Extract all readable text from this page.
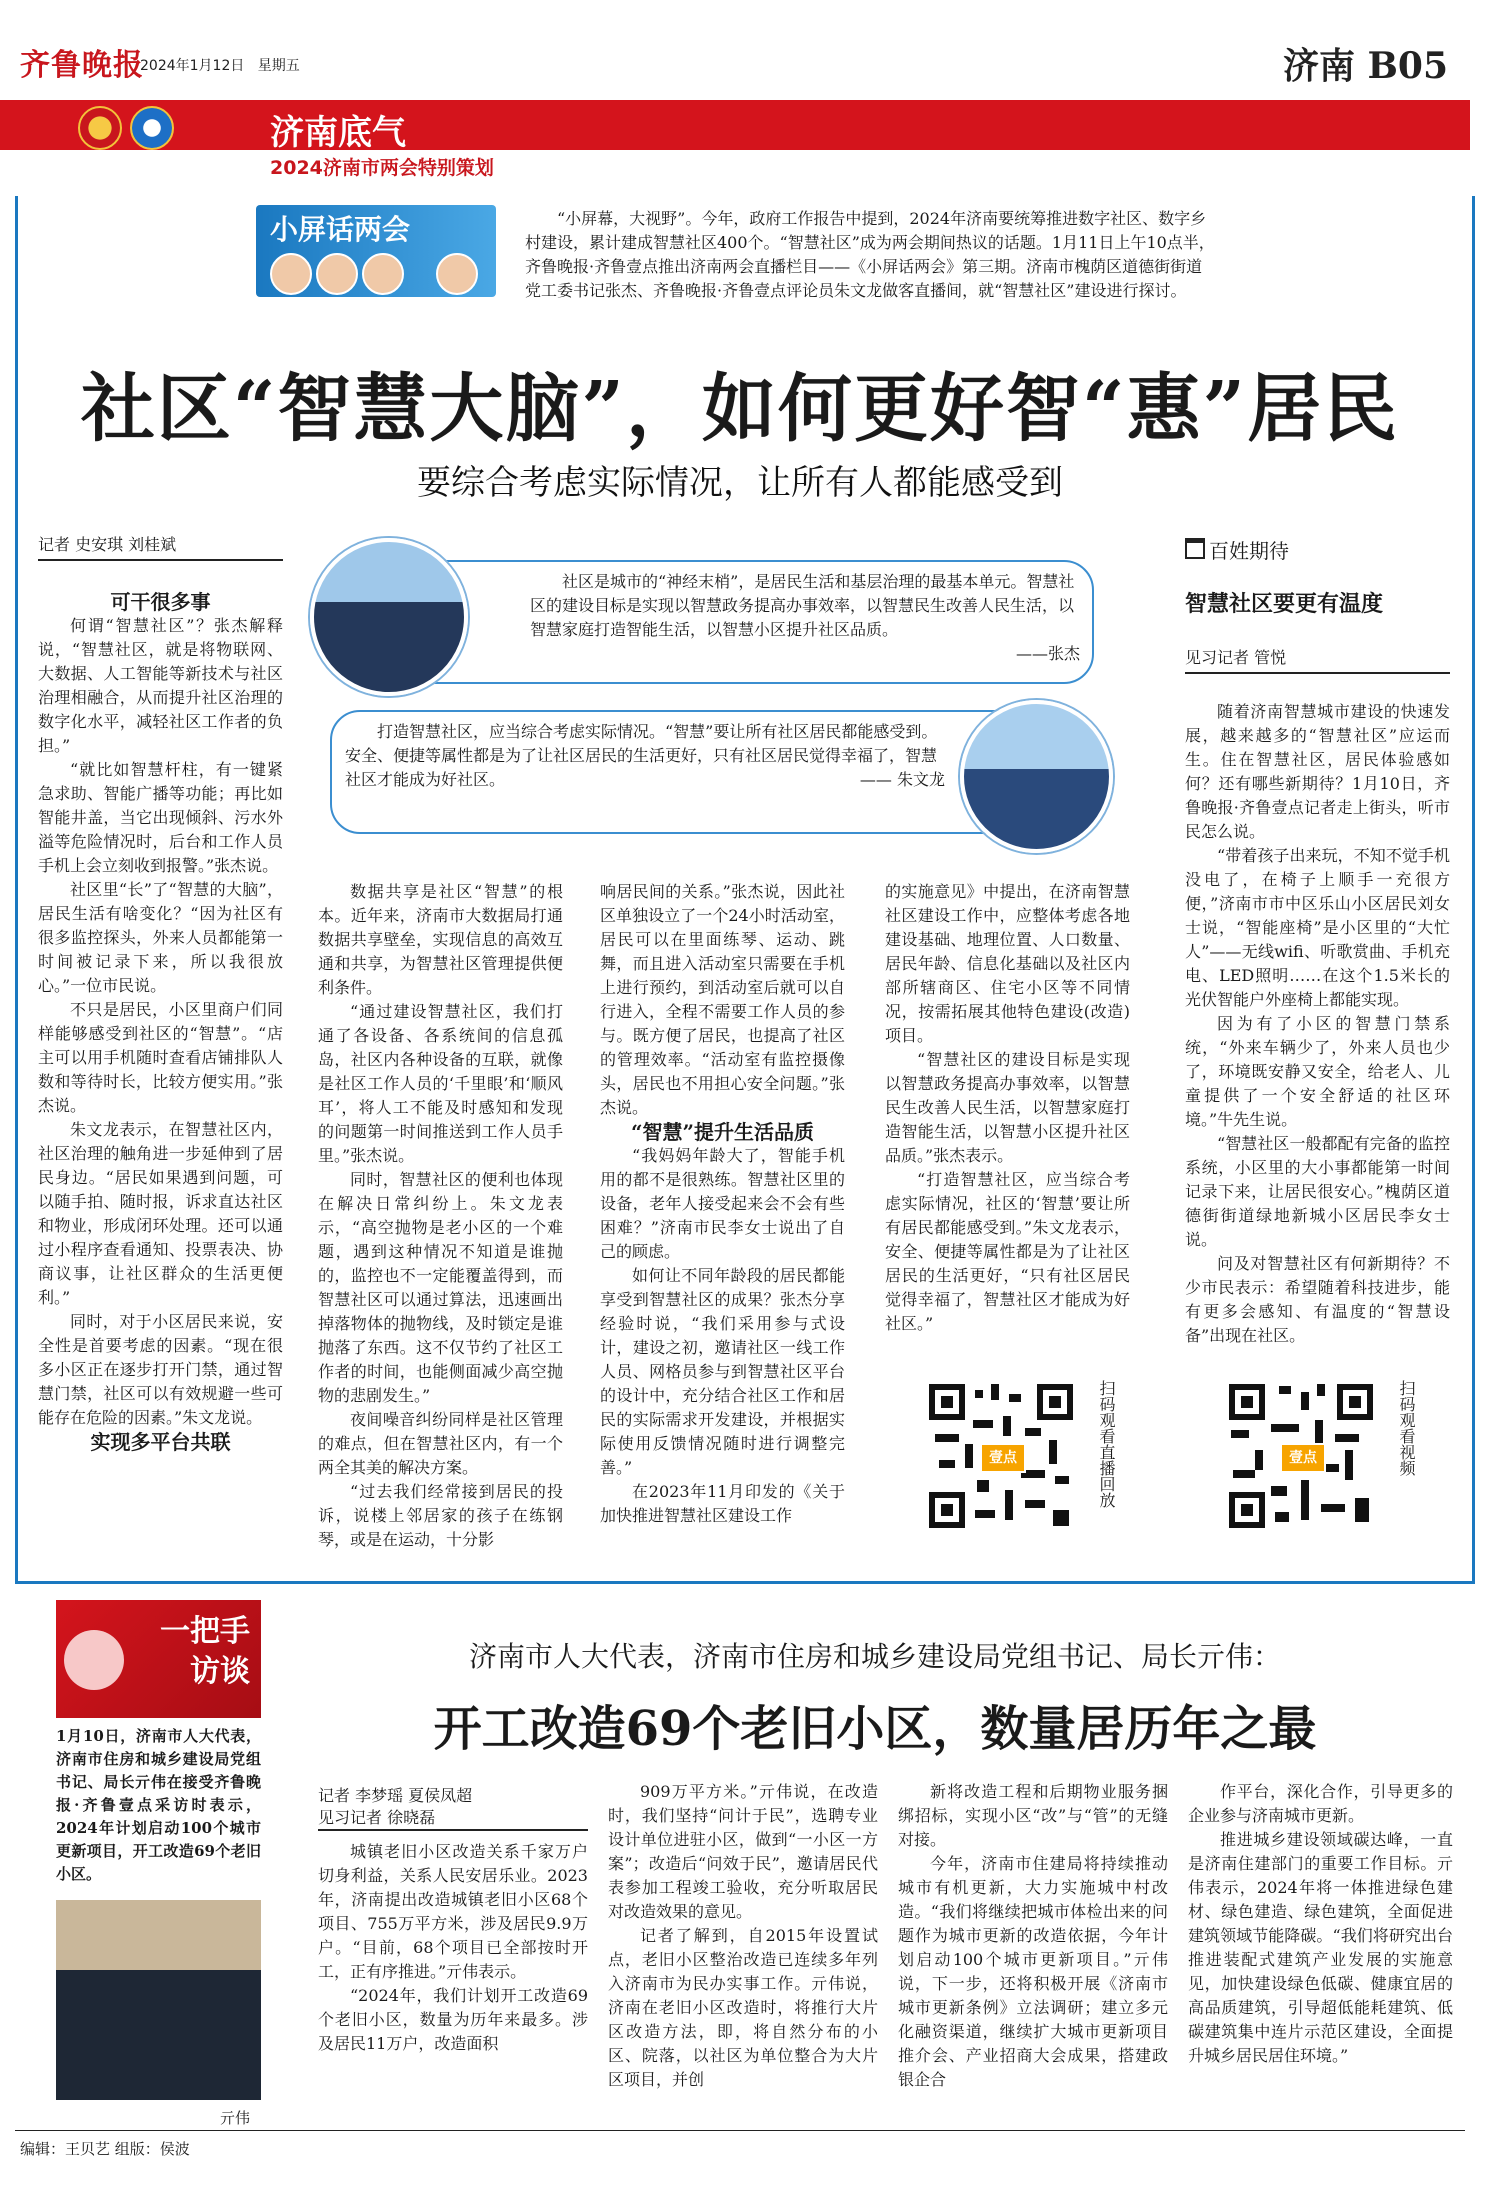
齐鲁晚报
2024年1月12日 星期五	济南 B05
济南底气
2024济南市两会特别策划
小屏话两会	“小屏幕，大视野”。今年，政府工作报告中提到，2024年济南要统筹推进数字社区、数字乡村建设，累计建成智慧社区400个。“智慧社区”成为两会期间热议的话题。1月11日上午10点半，齐鲁晚报·齐鲁壹点推出济南两会直播栏目——《小屏话两会》第三期。济南市槐荫区道德街街道党工委书记张杰、齐鲁晚报·齐鲁壹点评论员朱文龙做客直播间，就“智慧社区”建设进行探讨。
社区“智慧大脑”，如何更好智“惠”居民
要综合考虑实际情况，让所有人都能感受到
记者 史安琪 刘桂斌
社区是城市的“神经末梢”，是居民生活和基层治理的最基本单元。智慧社区的建设目标是实现以智慧政务提高办事效率，以智慧民生改善人民生活，以智慧家庭打造智能生活，以智慧小区提升社区品质。
——张杰
打造智慧社区，应当综合考虑实际情况。“智慧”要让所有社区居民都能感受到。安全、便捷等属性都是为了让社区居民的生活更好，只有社区居民觉得幸福了，智慧社区才能成为好社区。	—— 朱文龙

可干很多事

何谓“智慧社区”？张杰解释说，“智慧社区，就是将物联网、大数据、人工智能等新技术与社区治理相融合，从而提升社区治理的数字化水平，减轻社区工作者的负担。”

“就比如智慧杆柱，有一键紧急求助、智能广播等功能；再比如智能井盖，当它出现倾斜、污水外溢等危险情况时，后台和工作人员手机上会立刻收到报警。”张杰说。

社区里“长”了“智慧的大脑”，居民生活有啥变化？“因为社区有很多监控探头，外来人员都能第一时间被记录下来，所以我很放心。”一位市民说。

不只是居民，小区里商户们同样能够感受到社区的“智慧”。“店主可以用手机随时查看店铺排队人数和等待时长，比较方便实用。”张杰说。

朱文龙表示，在智慧社区内，社区治理的触角进一步延伸到了居民身边。“居民如果遇到问题，可以随手拍、随时报，诉求直达社区和物业，形成闭环处理。还可以通过小程序查看通知、投票表决、协商议事，让社区群众的生活更便利。”

同时，对于小区居民来说，安全性是首要考虑的因素。“现在很多小区正在逐步打开门禁，通过智慧门禁，社区可以有效规避一些可能存在危险的因素。”朱文龙说。

实现多平台共联

数据共享是社区“智慧”的根本。近年来，济南市大数据局打通数据共享壁垒，实现信息的高效互通和共享，为智慧社区管理提供便利条件。

“通过建设智慧社区，我们打通了各设备、各系统间的信息孤岛，社区内各种设备的互联，就像是社区工作人员的‘千里眼’和‘顺风耳’，将人工不能及时感知和发现的问题第一时间推送到工作人员手里。”张杰说。

同时，智慧社区的便利也体现在解决日常纠纷上。朱文龙表示，“高空抛物是老小区的一个难题，遇到这种情况不知道是谁抛的，监控也不一定能覆盖得到，而智慧社区可以通过算法，迅速画出掉落物体的抛物线，及时锁定是谁抛落了东西。这不仅节约了社区工作者的时间，也能侧面减少高空抛物的悲剧发生。”

夜间噪音纠纷同样是社区管理的难点，但在智慧社区内，有一个两全其美的解决方案。

“过去我们经常接到居民的投诉，说楼上邻居家的孩子在练钢琴，或是在运动，十分影

响居民间的关系。”张杰说，因此社区单独设立了一个24小时活动室，居民可以在里面练琴、运动、跳舞，而且进入活动室只需要在手机上进行预约，到活动室后就可以自行进入，全程不需要工作人员的参与。既方便了居民，也提高了社区的管理效率。“活动室有监控摄像头，居民也不用担心安全问题。”张杰说。

“智慧”提升生活品质

“我妈妈年龄大了，智能手机用的都不是很熟练。智慧社区里的设备，老年人接受起来会不会有些困难？”济南市民李女士说出了自己的顾虑。

如何让不同年龄段的居民都能享受到智慧社区的成果？张杰分享经验时说，“我们采用参与式设计，建设之初，邀请社区一线工作人员、网格员参与到智慧社区平台的设计中，充分结合社区工作和居民的实际需求开发建设，并根据实际使用反馈情况随时进行调整完善。”

在2023年11月印发的《关于加快推进智慧社区建设工作

的实施意见》中提出，在济南智慧社区建设工作中，应整体考虑各地建设基础、地理位置、人口数量、居民年龄、信息化基础以及社区内部所辖商区、住宅小区等不同情况，按需拓展其他特色建设(改造)项目。

“智慧社区的建设目标是实现以智慧政务提高办事效率，以智慧民生改善人民生活，以智慧家庭打造智能生活，以智慧小区提升社区品质。”张杰表示。

“打造智慧社区，应当综合考虑实际情况，社区的‘智慧’要让所有居民都能感受到。”朱文龙表示，安全、便捷等属性都是为了让社区居民的生活更好，“只有社区居民觉得幸福了，智慧社区才能成为好社区。”

壹点	扫码观看直播回放	壹点	扫码观看视频
百姓期待
智慧社区要更有温度
见习记者 管悦

随着济南智慧城市建设的快速发展，越来越多的“智慧社区”应运而生。住在智慧社区，居民体验感如何？还有哪些新期待？1月10日，齐鲁晚报·齐鲁壹点记者走上街头，听市民怎么说。

“带着孩子出来玩，不知不觉手机没电了，在椅子上顺手一充很方便，”济南市市中区乐山小区居民刘女士说，“智能座椅”是小区里的“大忙人”——无线wifi、听歌赏曲、手机充电、LED照明……在这个1.5米长的光伏智能户外座椅上都能实现。

因为有了小区的智慧门禁系统，“外来车辆少了，外来人员也少了，环境既安静又安全，给老人、儿童提供了一个安全舒适的社区环境。”牛先生说。

“智慧社区一般都配有完备的监控系统，小区里的大小事都能第一时间记录下来，让居民很安心。”槐荫区道德街街道绿地新城小区居民李女士说。

问及对智慧社区有何新期待？不少市民表示：希望随着科技进步，能有更多会感知、有温度的“智慧设备”出现在社区。

一把手访谈
1月10日，济南市人大代表，济南市住房和城乡建设局党组书记、局长亓伟在接受齐鲁晚报·齐鲁壹点采访时表示，2024年计划启动100个城市更新项目，开工改造69个老旧小区。
亓伟
济南市人大代表，济南市住房和城乡建设局党组书记、局长亓伟：
开工改造69个老旧小区，数量居历年之最
记者 李梦瑶 夏侯凤超
见习记者 徐晓磊

城镇老旧小区改造关系千家万户切身利益，关系人民安居乐业。2023年，济南提出改造城镇老旧小区68个项目、755万平方米，涉及居民9.9万户。“目前，68个项目已全部按时开工，正有序推进。”亓伟表示。

“2024年，我们计划开工改造69个老旧小区，数量为历年来最多。涉及居民11万户，改造面积

909万平方米。”亓伟说，在改造时，我们坚持“问计于民”，选聘专业设计单位进驻小区，做到“一小区一方案”；改造后“问效于民”，邀请居民代表参加工程竣工验收，充分听取居民对改造效果的意见。

记者了解到，自2015年设置试点，老旧小区整治改造已连续多年列入济南市为民办实事工作。亓伟说，济南在老旧小区改造时，将推行大片区改造方法，即，将自然分布的小区、院落，以社区为单位整合为大片区项目，并创

新将改造工程和后期物业服务捆绑招标，实现小区“改”与“管”的无缝对接。

今年，济南市住建局将持续推动城市有机更新，大力实施城中村改造。“我们将继续把城市体检出来的问题作为城市更新的改造依据，今年计划启动100个城市更新项目。”亓伟说，下一步，还将积极开展《济南市城市更新条例》立法调研；建立多元化融资渠道，继续扩大城市更新项目推介会、产业招商大会成果，搭建政银企合

作平台，深化合作，引导更多的企业参与济南城市更新。

推进城乡建设领域碳达峰，一直是济南住建部门的重要工作目标。亓伟表示，2024年将一体推进绿色建材、绿色建造、绿色建筑，全面促进建筑领域节能降碳。“我们将研究出台推进装配式建筑产业发展的实施意见，加快建设绿色低碳、健康宜居的高品质建筑，引导超低能耗建筑、低碳建筑集中连片示范区建设，全面提升城乡居民居住环境。”

编辑：王贝艺 组版：侯波
